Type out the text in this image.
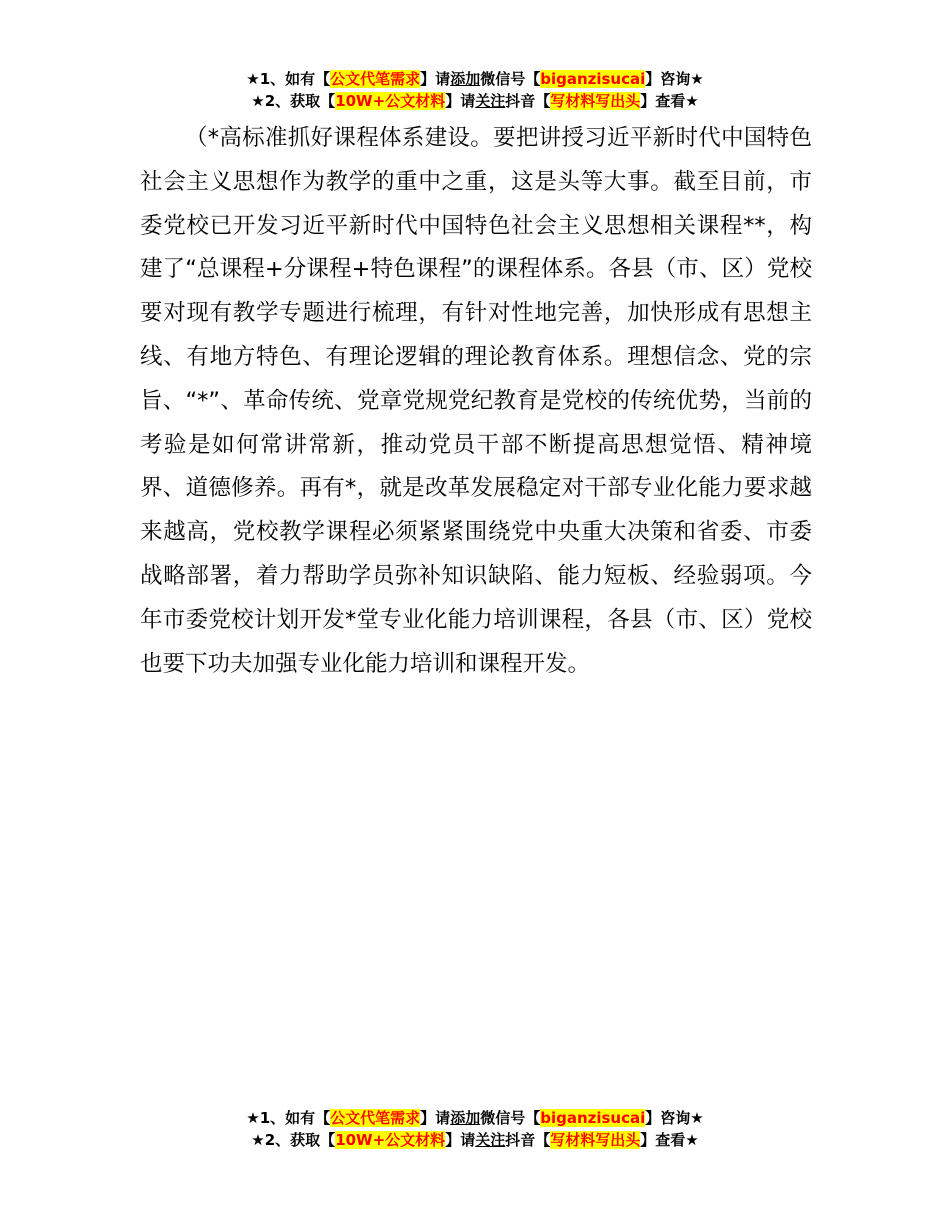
★1、如有【公文代笔需求】请添加微信号【biganzisucai】咨询★
★2、获取【10W+公文材料】请关注抖音【写材料写出头】查看★

（*高标准抓好课程体系建设。要把讲授习近平新时代中国特色社会主义思想作为教学的重中之重，这是头等大事。截至目前，市委党校已开发习近平新时代中国特色社会主义思想相关课程**，构建了“总课程+分课程+特色课程”的课程体系。各县（市、区）党校要对现有教学专题进行梳理，有针对性地完善，加快形成有思想主线、有地方特色、有理论逻辑的理论教育体系。理想信念、党的宗旨、“*”、革命传统、党章党规党纪教育是党校的传统优势，当前的考验是如何常讲常新，推动党员干部不断提高思想觉悟、精神境界、道德修养。再有*，就是改革发展稳定对干部专业化能力要求越来越高，党校教学课程必须紧紧围绕党中央重大决策和省委、市委战略部署，着力帮助学员弥补知识缺陷、能力短板、经验弱项。今年市委党校计划开发*堂专业化能力培训课程，各县（市、区）党校也要下功夫加强专业化能力培训和课程开发。

★1、如有【公文代笔需求】请添加微信号【biganzisucai】咨询★
★2、获取【10W+公文材料】请关注抖音【写材料写出头】查看★
